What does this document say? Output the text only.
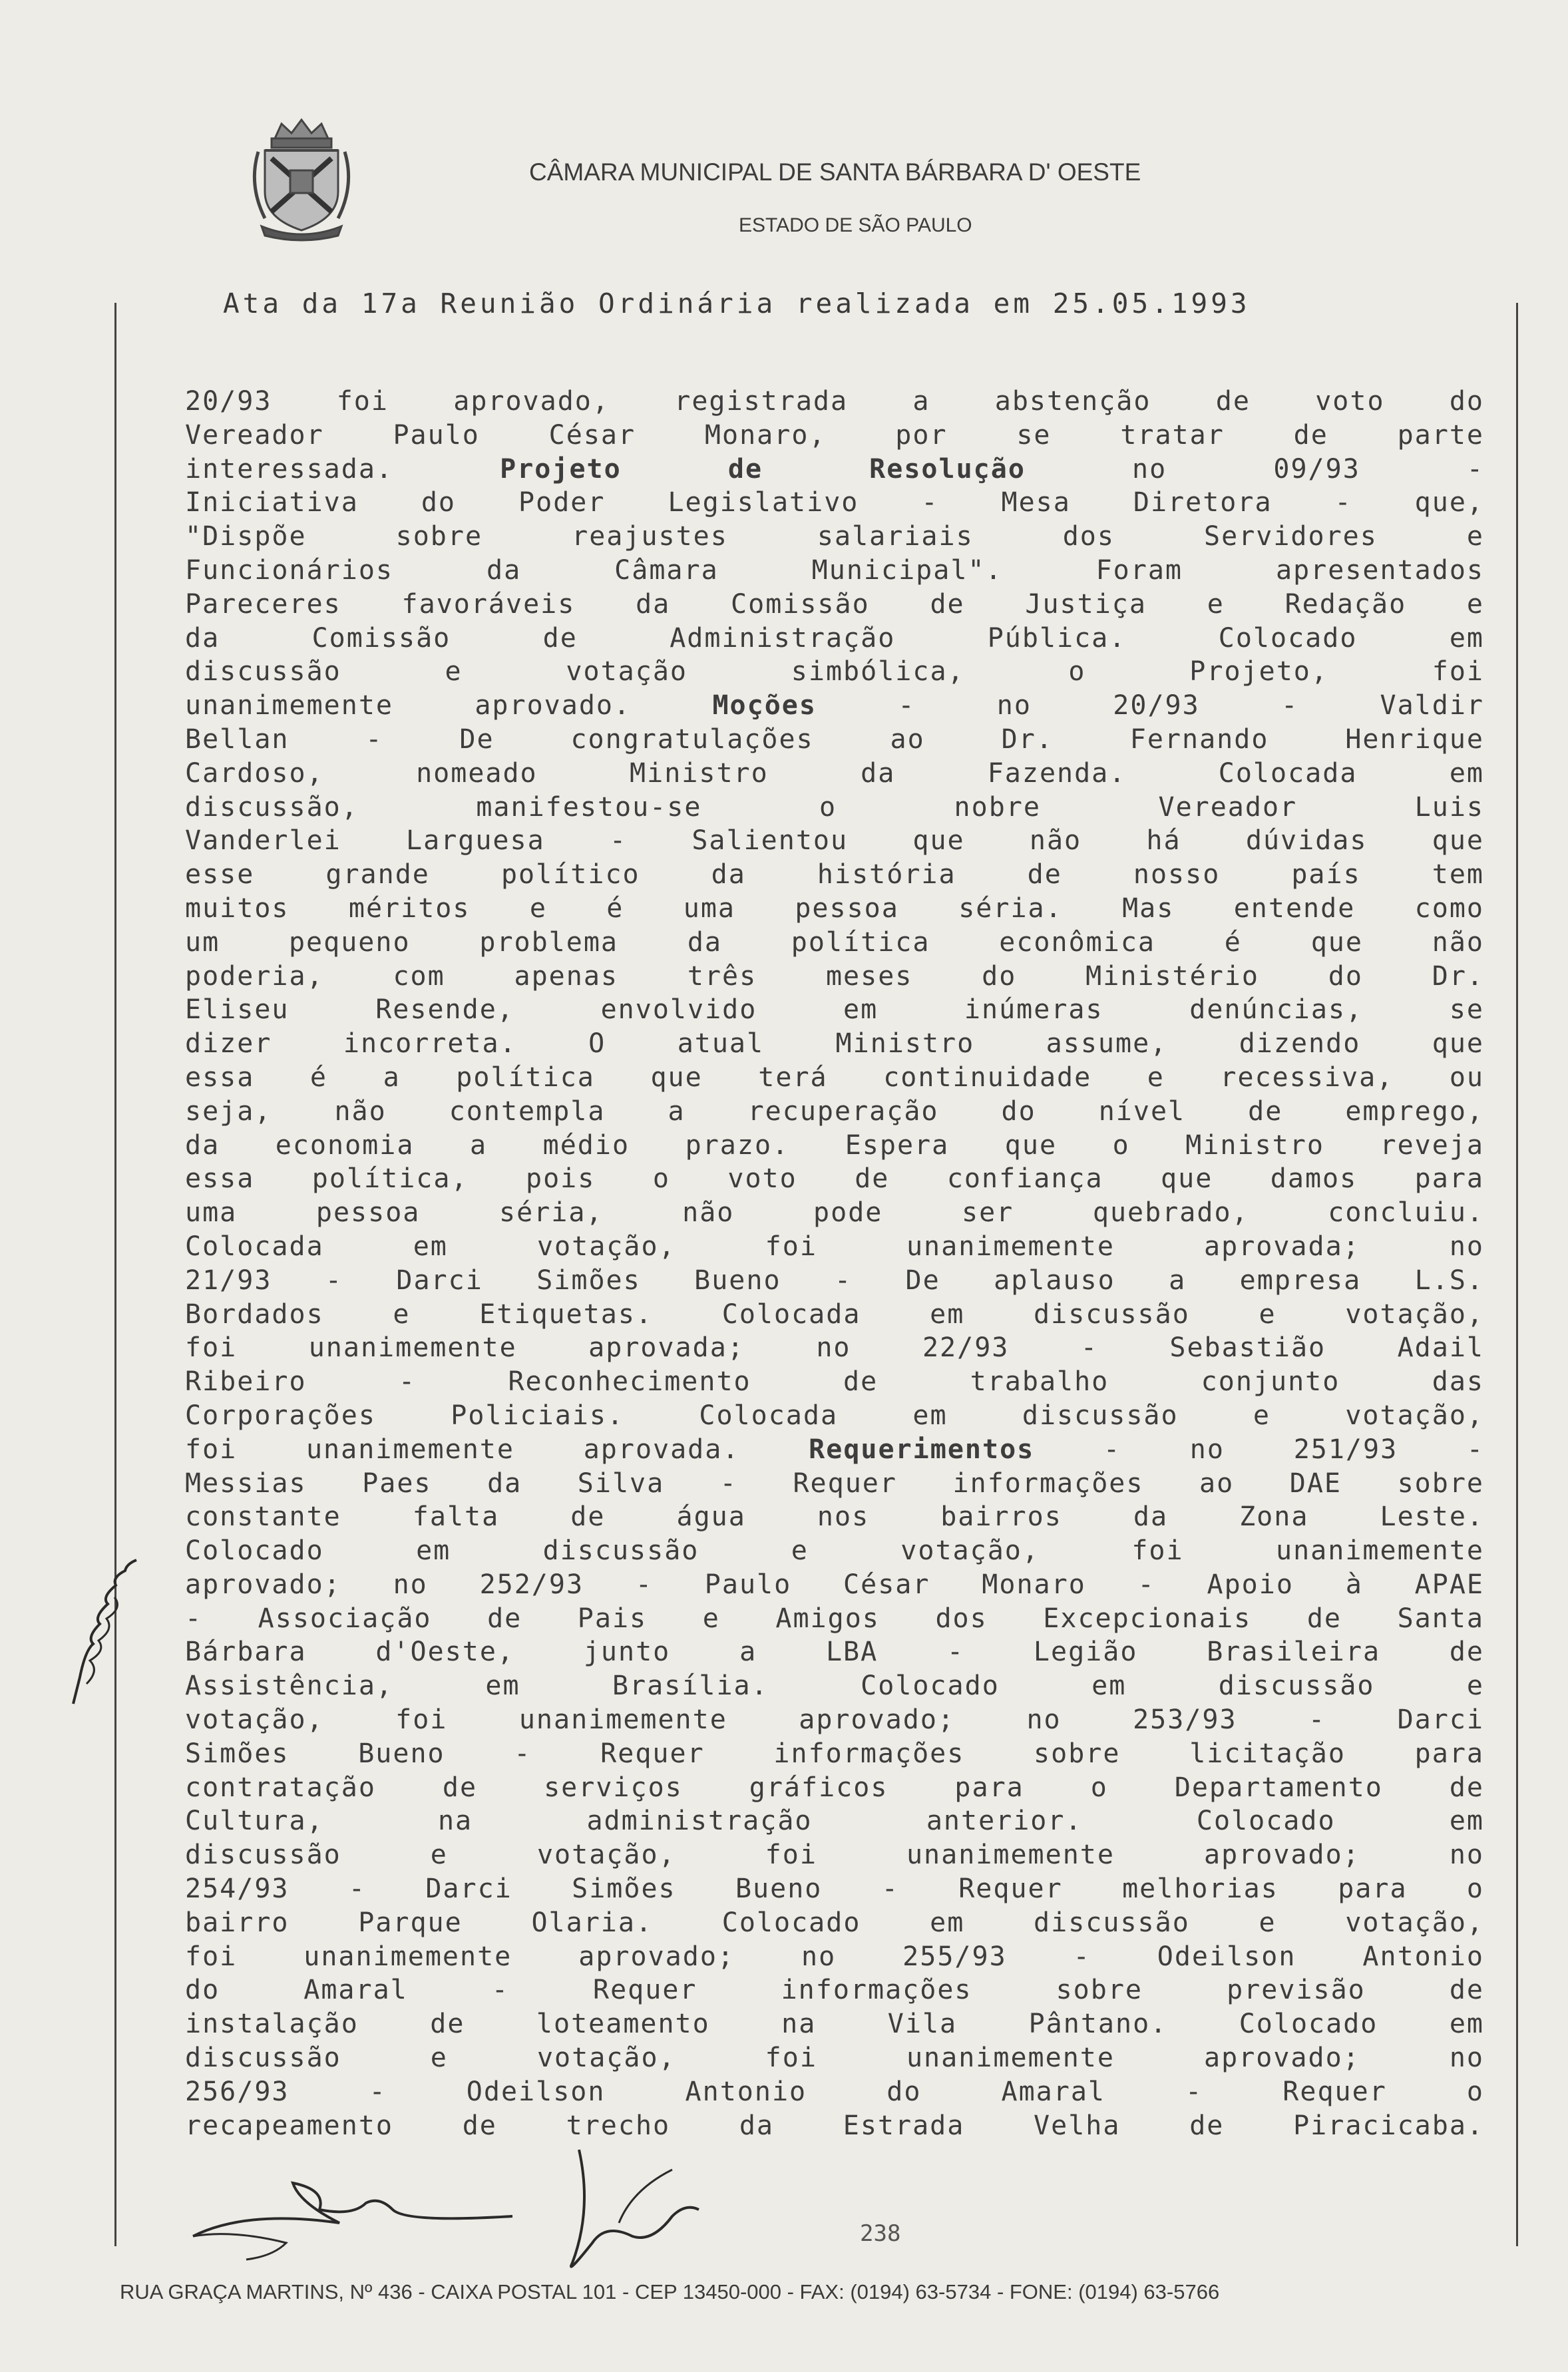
CÂMARA MUNICIPAL DE SANTA BÁRBARA D' OESTE
ESTADO DE SÃO PAULO
Ata da 17a Reunião Ordinária realizada em 25.05.1993
20/93 foi aprovado, registrada a abstenção de voto do
Vereador Paulo César Monaro, por se tratar de parte
interessada. Projeto de Resolução no 09/93 -
Iniciativa do Poder Legislativo - Mesa Diretora - que,
"Dispõe sobre reajustes salariais dos Servidores e
Funcionários da Câmara Municipal". Foram apresentados
Pareceres favoráveis da Comissão de Justiça e Redação e
da Comissão de Administração Pública. Colocado em
discussão e votação simbólica, o Projeto, foi
unanimemente aprovado. Moções - no 20/93 - Valdir
Bellan - De congratulações ao Dr. Fernando Henrique
Cardoso, nomeado Ministro da Fazenda. Colocada em
discussão, manifestou-se o nobre Vereador Luis
Vanderlei Larguesa - Salientou que não há dúvidas que
esse grande político da história de nosso país tem
muitos méritos e é uma pessoa séria. Mas entende como
um pequeno problema da política econômica é que não
poderia, com apenas três meses do Ministério do Dr.
Eliseu Resende, envolvido em inúmeras denúncias, se
dizer incorreta. O atual Ministro assume, dizendo que
essa é a política que terá continuidade e recessiva, ou
seja, não contempla a recuperação do nível de emprego,
da economia a médio prazo. Espera que o Ministro reveja
essa política, pois o voto de confiança que damos para
uma pessoa séria, não pode ser quebrado, concluiu.
Colocada em votação, foi unanimemente aprovada; no
21/93 - Darci Simões Bueno - De aplauso a empresa L.S.
Bordados e Etiquetas. Colocada em discussão e votação,
foi unanimemente aprovada; no 22/93 - Sebastião Adail
Ribeiro - Reconhecimento de trabalho conjunto das
Corporações Policiais. Colocada em discussão e votação,
foi unanimemente aprovada. Requerimentos - no 251/93 -
Messias Paes da Silva - Requer informações ao DAE sobre
constante falta de água nos bairros da Zona Leste.
Colocado em discussão e votação, foi unanimemente
aprovado; no 252/93 - Paulo César Monaro - Apoio à APAE
- Associação de Pais e Amigos dos Excepcionais de Santa
Bárbara d'Oeste, junto a LBA - Legião Brasileira de
Assistência, em Brasília. Colocado em discussão e
votação, foi unanimemente aprovado; no 253/93 - Darci
Simões Bueno - Requer informações sobre licitação para
contratação de serviços gráficos para o Departamento de
Cultura, na administração anterior. Colocado em
discussão e votação, foi unanimemente aprovado; no
254/93 - Darci Simões Bueno - Requer melhorias para o
bairro Parque Olaria. Colocado em discussão e votação,
foi unanimemente aprovado; no 255/93 - Odeilson Antonio
do Amaral - Requer informações sobre previsão de
instalação de loteamento na Vila Pântano. Colocado em
discussão e votação, foi unanimemente aprovado; no
256/93 - Odeilson Antonio do Amaral - Requer o
recapeamento de trecho da Estrada Velha de Piracicaba.
238
RUA GRAÇA MARTINS, Nº 436 - CAIXA POSTAL 101 - CEP 13450-000 - FAX: (0194) 63-5734 - FONE: (0194) 63-5766
